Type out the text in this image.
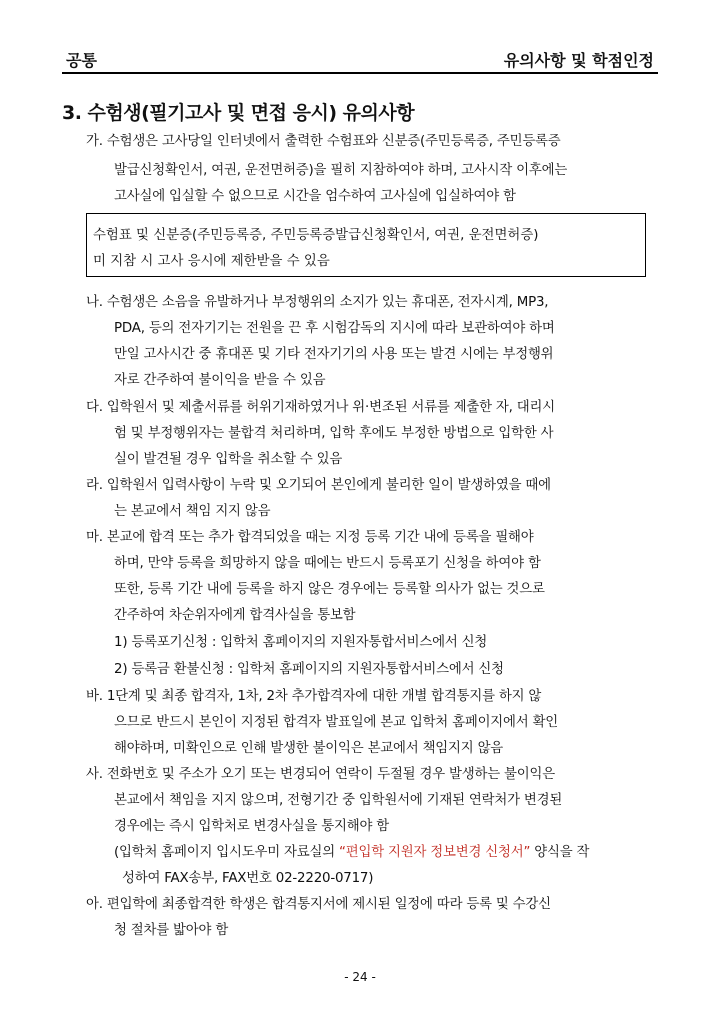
공통	유의사항 및 학점인정
3. 수험생(필기고사 및 면접 응시) 유의사항
가. 수험생은 고사당일 인터넷에서 출력한 수험표와 신분증(주민등록증, 주민등록증
발급신청확인서, 여권, 운전면허증)을 필히 지참하여야 하며, 고사시작 이후에는
고사실에 입실할 수 없으므로 시간을 엄수하여 고사실에 입실하여야 함
수험표 및 신분증(주민등록증, 주민등록증발급신청확인서, 여권, 운전면허증)
미 지참 시 고사 응시에 제한받을 수 있음
나. 수험생은 소음을 유발하거나 부정행위의 소지가 있는 휴대폰, 전자시계, MP3,
PDA, 등의 전자기기는 전원을 끈 후 시험감독의 지시에 따라 보관하여야 하며
만일 고사시간 중 휴대폰 및 기타 전자기기의 사용 또는 발견 시에는 부정행위
자로 간주하여 불이익을 받을 수 있음
다. 입학원서 및 제출서류를 허위기재하였거나 위·변조된 서류를 제출한 자, 대리시
험 및 부정행위자는 불합격 처리하며, 입학 후에도 부정한 방법으로 입학한 사
실이 발견될 경우 입학을 취소할 수 있음
라. 입학원서 입력사항이 누락 및 오기되어 본인에게 불리한 일이 발생하였을 때에
는 본교에서 책임 지지 않음
마. 본교에 합격 또는 추가 합격되었을 때는 지정 등록 기간 내에 등록을 필해야
하며, 만약 등록을 희망하지 않을 때에는 반드시 등록포기 신청을 하여야 함
또한, 등록 기간 내에 등록을 하지 않은 경우에는 등록할 의사가 없는 것으로
간주하여 차순위자에게 합격사실을 통보함
1) 등록포기신청 : 입학처 홈페이지의 지원자통합서비스에서 신청
2) 등록금 환불신청 : 입학처 홈페이지의 지원자통합서비스에서 신청
바. 1단계 및 최종 합격자, 1차, 2차 추가합격자에 대한 개별 합격통지를 하지 않
으므로 반드시 본인이 지정된 합격자 발표일에 본교 입학처 홈페이지에서 확인
해야하며, 미확인으로 인해 발생한 불이익은 본교에서 책임지지 않음
사. 전화번호 및 주소가 오기 또는 변경되어 연락이 두절될 경우 발생하는 불이익은
본교에서 책임을 지지 않으며, 전형기간 중 입학원서에 기재된 연락처가 변경된
경우에는 즉시 입학처로 변경사실을 통지해야 함
(입학처 홈페이지 입시도우미 자료실의 “편입학 지원자 정보변경 신청서” 양식을 작
성하여 FAX송부, FAX번호 02-2220-0717)
아. 편입학에 최종합격한 학생은 합격통지서에 제시된 일정에 따라 등록 및 수강신
청 절차를 밟아야 함
- 24 -
